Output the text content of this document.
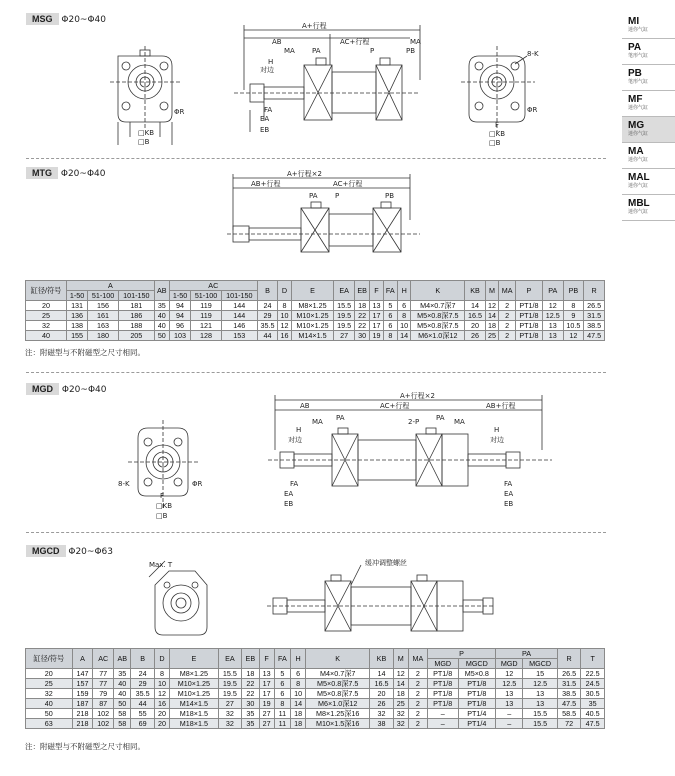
MI
迷你气缸
PA
笔形气缸
PB
笔形气缸
MF
迷你气缸
MG
迷你气缸
MA
迷你气缸
MAL
迷你气缸
MBL
迷你气缸
MSG Φ20~Φ40
□KB
□B
ΦR
A+行程
AB	AC+行程	MA
MA PA	P	PB
H
对边
FA
EA
EB
8-K
ΦR
F
□KB
□B
MTG Φ20~Φ40	A+行程×2
AB+行程	AC+行程
PA P	PB
缸径/符号	A			AB	AC			B	D	E	EA	EB	F	FA	H	K	KB	M	MA	P	PA	PB	R
	1-50	51-100	101-150		1-50	51-100	101-150																
20	131	156	181	35	94	119	144	24	8	M8×1.25	15.5	18	13	5	6	M4×0.7深7	14	12	2	PT1/8	12	8	26.5
25	136	161	186	40	94	119	144	29	10	M10×1.25	19.5	22	17	6	8	M5×0.8深7.5	16.5	14	2	PT1/8	12.5	9	31.5
32	138	163	188	40	96	121	146	35.5	12	M10×1.25	19.5	22	17	6	10	M5×0.8深7.5	20	18	2	PT1/8	13	10.5	38.5
40	155	180	205	50	103	128	153	44	16	M14×1.5	27	30	19	8	14	M6×1.0深12	26	25	2	PT1/8	13	12	47.5
注：附磁型与不附磁型之尺寸相同。
MGD Φ20~Φ40
8-K	ΦR
F
□KB
□B
A+行程×2
AB	AC+行程	AB+行程
MA PA	2-P PA MA
H
对边
H
对边
FA
EA
EB
FA
EA
EB
MGCD Φ20~Φ63
Max. T	缓冲调整螺丝
缸径/符号	A	AC	AB	B	D	E	EA	EB	F	FA	H	K	KB	M	MA	P		PA		R	T
																MGD	MGCD	MGD	MGCD		
20	147	77	35	24	8	M8×1.25	15.5	18	13	5	6	M4×0.7深7	14	12	2	PT1/8	M5×0.8	12	15	26.5	22.5
25	157	77	40	29	10	M10×1.25	19.5	22	17	6	8	M5×0.8深7.5	16.5	14	2	PT1/8	PT1/8	12.5	12.5	31.5	24.5
32	159	79	40	35.5	12	M10×1.25	19.5	22	17	6	10	M5×0.8深7.5	20	18	2	PT1/8	PT1/8	13	13	38.5	30.5
40	187	87	50	44	16	M14×1.5	27	30	19	8	14	M6×1.0深12	26	25	2	PT1/8	PT1/8	13	13	47.5	35
50	218	102	58	55	20	M18×1.5	32	35	27	11	18	M8×1.25深16	32	32	2	–	PT1/4	–	15.5	58.5	40.5
63	218	102	58	69	20	M18×1.5	32	35	27	11	18	M10×1.5深16	38	32	2	–	PT1/4	–	15.5	72	47.5
注：附磁型与不附磁型之尺寸相同。
